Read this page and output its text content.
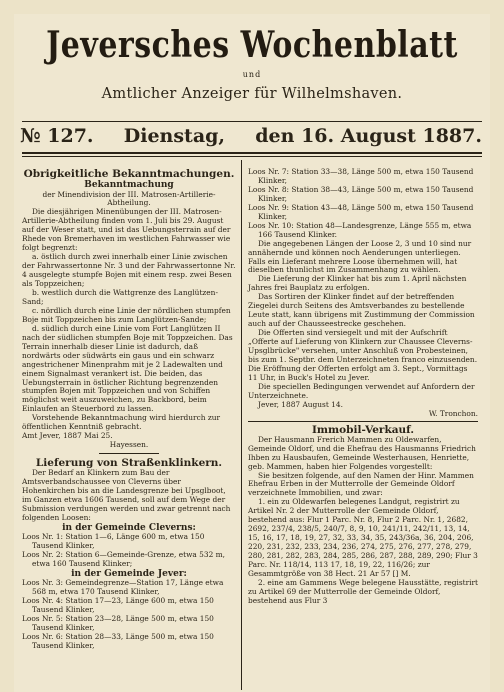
Jeversches Wochenblatt
und
Amtlicher Anzeiger für Wilhelmshaven.
№ 127. Dienstag, den 16. August 1887.
Obrigkeitliche Bekanntmachungen.
Bekanntmachung
der Minendivision der III. Matrosen-Artillerie-Abtheilung.
Die diesjährigen Minenübungen der III. Matrosen-Artillerie-Abtheilung finden vom 1. Juli bis 29. August auf der Weser statt, und ist das Uebungsterrain auf der Rhede von Bremerhaven im westlichen Fahrwasser wie folgt begrenzt:
a. östlich durch zwei innerhalb einer Linie zwischen der Fahrwassertonne Nr. 3 und der Fahrwassertonne Nr. 4 ausgelegte stumpfe Bojen mit einem resp. zwei Besen als Toppzeichen;
b. westlich durch die Wattgrenze des Langlützen-Sand;
c. nördlich durch eine Linie der nördlichen stumpfen Boje mit Toppzeichen bis zum Langlützen-Sande;
d. südlich durch eine Linie vom Fort Langlützen II nach der südlichen stumpfen Boje mit Toppzeichen. Das Terrain innerhalb dieser Linie ist dadurch, daß nordwärts oder südwärts ein gaus und ein schwarz angestrichener Minenprahm mit je 2 Ladewalten und einem Signalmast verankert ist. Die beiden, das Uebungsterrain in östlicher Richtung begrenzenden stumpfen Bojen mit Toppzeichen und von Schiffen möglichst weit auszuweichen, zu Backbord, beim Einlaufen an Steuerbord zu lassen.
Vorstehende Bekanntmachung wird hierdurch zur öffentlichen Kenntniß gebracht.
Amt Jever, 1887 Mai 25.
Hayessen.
Lieferung von Straßenklinkern.
Der Bedarf an Klinkern zum Bau der Amtsverbandschaussee von Cleverns über Hohenkirchen bis an die Landesgrenze bei Upsglboot, im Ganzen etwa 1606 Tausend, soll auf dem Wege der Submission verdungen werden und zwar getrennt nach folgenden Loosen:
in der Gemeinde Cleverns:
Loos Nr. 1: Station 1—6, Länge 600 m, etwa 150 Tausend Klinker,
Loos Nr. 2: Station 6—Gemeinde-Grenze, etwa 532 m, etwa 160 Tausend Klinker;
in der Gemeinde Jever:
Loos Nr. 3: Gemeindegrenze—Station 17, Länge etwa 568 m, etwa 170 Tausend Klinker,
Loos Nr. 4: Station 17—23, Länge 600 m, etwa 150 Tausend Klinker,
Loos Nr. 5: Station 23—28, Länge 500 m, etwa 150 Tausend Klinker,
Loos Nr. 6: Station 28—33, Länge 500 m, etwa 150 Tausend Klinker,
Loos Nr. 7: Station 33—38, Länge 500 m, etwa 150 Tausend Klinker,
Loos Nr. 8: Station 38—43, Länge 500 m, etwa 150 Tausend Klinker,
Loos Nr. 9: Station 43—48, Länge 500 m, etwa 150 Tausend Klinker,
Loos Nr. 10: Station 48—Landesgrenze, Länge 555 m, etwa 166 Tausend Klinker.
Die angegebenen Längen der Loose 2, 3 und 10 sind nur annähernde und können noch Aenderungen unterliegen. Falls ein Lieferant mehrere Loose übernehmen will, hat dieselben thunlichst im Zusammenhang zu wählen.
Die Lieferung der Klinker hat bis zum 1. April nächsten Jahres frei Bauplatz zu erfolgen.
Das Sortiren der Klinker findet auf der betreffenden Ziegelei durch Seitens des Amtsverbandes zu bestellende Leute statt, kann übrigens mit Zustimmung der Commission auch auf der Chausseestrecke geschehen.
Die Offerten sind versiegelt und mit der Aufschrift „Offerte auf Lieferung von Klinkern zur Chaussee Cleverns-Upsglbrücke" versehen, unter Anschluß von Probesteinen, bis zum 1. Septbr. dem Unterzeichneten franco einzusenden. Die Eröffnung der Offerten erfolgt am 3. Sept., Vormittags 11 Uhr, in Buck's Hotel zu Jever.
Die speciellen Bedingungen verwendet auf Anfordern der Unterzeichnete.
Jever, 1887 August 14.
W. Tronchon.
Immobil-Verkauf.
Der Hausmann Frerich Mammen zu Oldewarfen, Gemeinde Oldorf, und die Ehefrau des Hausmanns Friedrich Ihben zu Hausbaufen, Gemeinde Westerhausen, Henriette, geb. Mammen, haben hier Folgendes vorgestellt:
Sie besitzen folgende, auf den Namen der Hinr. Mammen Ehefrau Erben in der Mutterrolle der Gemeinde Oldorf verzeichnete Immobilien, und zwar:
1. ein zu Oldewarfen belegenes Landgut, registrirt zu Artikel Nr. 2 der Mutterrolle der Gemeinde Oldorf, bestehend aus: Flur 1 Parc. Nr. 8, Flur 2 Parc. Nr. 1, 2682, 2692, 237/4, 238/5, 240/7, 8, 9, 10, 241/11, 242/11, 13, 14, 15, 16, 17, 18, 19, 27, 32, 33, 34, 35, 243/36a, 36, 204, 206, 220, 231, 232, 233, 234, 236, 274, 275, 276, 277, 278, 279, 280, 281, 282, 283, 284, 285, 286, 287, 288, 289, 290; Flur 3 Parc. Nr. 118/14, 113 17, 18, 19, 22, 116/26; zur Gesammtgröße von 38 Hect. 21 Ar 57 [] M.
2. eine am Gammens Wege belegene Hausstätte, registrirt zu Artikel 69 der Mutterrolle der Gemeinde Oldorf, bestehend aus Flur 3
